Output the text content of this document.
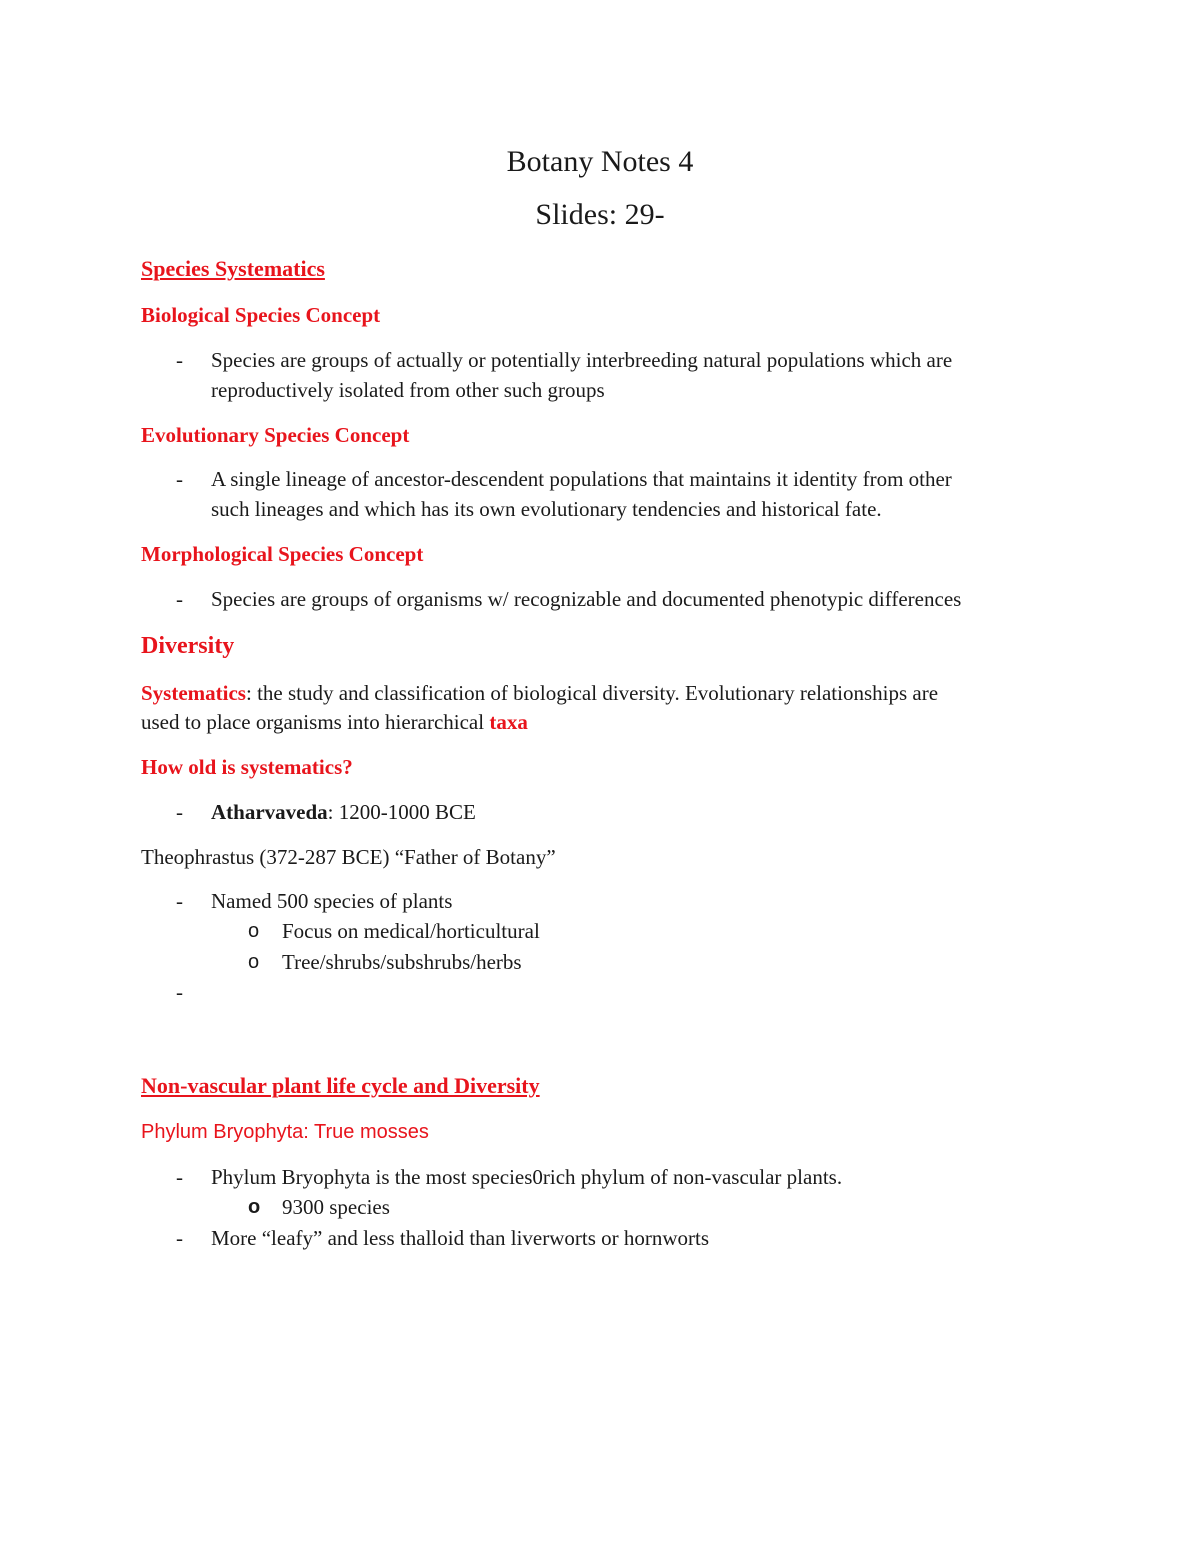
Botany Notes 4
Slides: 29-
Species Systematics
Biological Species Concept
- Species are groups of actually or potentially interbreeding natural populations which are
reproductively isolated from other such groups
Evolutionary Species Concept
- A single lineage of ancestor-descendent populations that maintains it identity from other
such lineages and which has its own evolutionary tendencies and historical fate.
Morphological Species Concept
- Species are groups of organisms w/ recognizable and documented phenotypic differences
Diversity
Systematics: the study and classification of biological diversity. Evolutionary relationships are
used to place organisms into hierarchical taxa
How old is systematics?
- Atharvaveda: 1200-1000 BCE
Theophrastus (372-287 BCE) “Father of Botany”
- Named 500 species of plants
o Focus on medical/horticultural
o Tree/shrubs/subshrubs/herbs
-
Non-vascular plant life cycle and Diversity
Phylum Bryophyta: True mosses
- Phylum Bryophyta is the most species0rich phylum of non-vascular plants.
o 9300 species
- More “leafy” and less thalloid than liverworts or hornworts
